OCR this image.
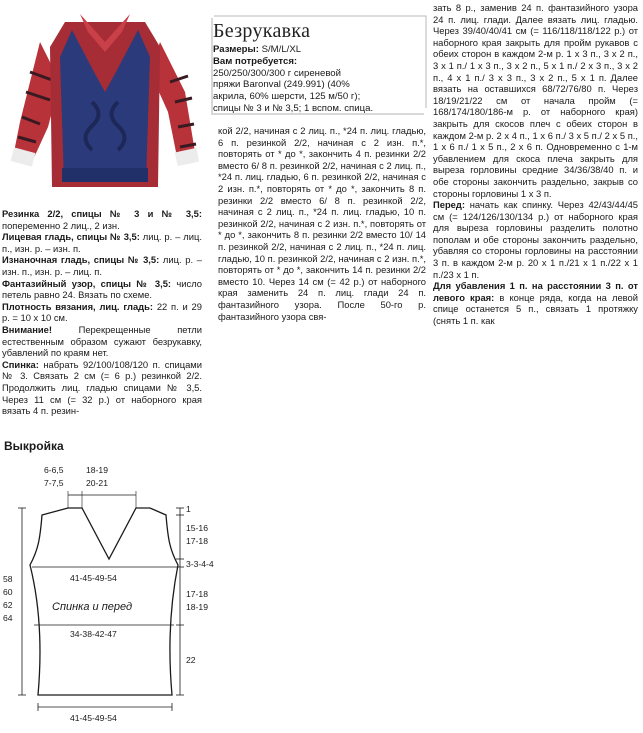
Безрукавка

Размеры: S/M/L/XL

Вам потребуется:

250/250/300/300 г сиреневой

пряжи Baronval (249.991) (40%

акрила, 60% шерсти, 125 м/50 г);

спицы № 3 и № 3,5; 1 вспом. спица.

Резинка 2/2, спицы № 3 и № 3,5: попеременно 2 лиц., 2 изн.

Лицевая гладь, спицы № 3,5: лиц. р. – лиц. п., изн. р. – изн. п.

Изнаночная гладь, спицы № 3,5: лиц. р. – изн. п., изн. р. – лиц. п.

Фантазийный узор, спицы № 3,5: число петель равно 24. Вязать по схеме.

Плотность вязания, лиц. гладь: 22 п. и 29 р. = 10 х 10 см.

Внимание! Перекрещенные петли естественным образом сужают безрукавку, убавлений по краям нет.

Спинка: набрать 92/100/108/120 п. спицами № 3. Связать 2 см (= 6 р.) резинкой 2/2. Продолжить лиц. гладью спицами № 3,5. Через 11 см (= 32 р.) от наборного края вязать 4 п. резин-

кой 2/2, начиная с 2 лиц. п., *24 п. лиц. гладью, 6 п. резинкой 2/2, начиная с 2 изн. п.*, повторять от * до *, закончить 4 п. резинки 2/2 вместо 6/ 8 п. резинкой 2/2, начиная с 2 лиц. п., *24 п. лиц. гладью, 6 п. резинкой 2/2, начиная с 2 изн. п.*, повторять от * до *, закончить 8 п. резинки 2/2 вместо 6/ 8 п. резинкой 2/2, начиная с 2 лиц. п., *24 п. лиц. гладью, 10 п. резинкой 2/2, начиная с 2 изн. п.*, повторять от * до *, закончить 8 п. резинки 2/2 вместо 10/ 14 п. резинкой 2/2, начиная с 2 лиц. п., *24 п. лиц. гладью, 10 п. резинкой 2/2, начиная с 2 изн. п.*, повторять от * до *, закончить 14 п. резинки 2/2 вместо 10. Через 14 см (= 42 р.) от наборного края заменить 24 п. лиц. глади 24 п. фантазийного узора. После 50-го р. фантазийного узора свя-

зать 8 р., заменив 24 п. фантазийного узора 24 п. лиц. глади. Далее вязать лиц. гладью. Через 39/40/40/41 см (= 116/118/118/122 р.) от наборного края закрыть для пройм рукавов с обеих сторон в каждом 2-м р. 1 x 3 п., 3 x 2 п., 3 x 1 п./ 1 x 3 п., 3 x 2 п., 5 x 1 п./ 2 x 3 п., 3 x 2 п., 4 x 1 п./ 3 x 3 п., 3 x 2 п., 5 x 1 п. Далее вязать на оставшихся 68/72/76/80 п. Через 18/19/21/22 см от начала пройм (= 168/174/180/186-м р. от наборного края) закрыть для скосов плеч с обеих сторон в каждом 2-м р. 2 x 4 п., 1 x 6 п./ 3 x 5 п./ 2 x 5 п., 1 x 6 п./ 1 x 5 п., 2 x 6 п. Одновременно с 1-м убавлением для скоса плеча закрыть для выреза горловины средние 34/36/38/40 п. и обе стороны закончить раздельно, закрыв со стороны горловины 1 x 3 п.

Перед: начать как спинку. Через 42/43/44/45 см (= 124/126/130/134 р.) от наборного края для выреза горловины разделить полотно пополам и обе стороны закончить раздельно, убавляя со стороны горловины на расстоянии 3 п. в каждом 2-м р. 20 x 1 п./21 x 1 п./22 x 1 п./23 x 1 п.

Для убавления 1 п. на расстоянии 3 п. от левого края: в конце ряда, когда на левой спице останется 5 п., связать 1 протяжку (снять 1 п. как

Выкройка
6-6,5
7-7,5
18-19
20-21
1
15-16
17-18
3-3-4-4
17-18
18-19
22
58
60
62
64
41-45-49-54
Спинка и перед
34-38-42-47
41-45-49-54
